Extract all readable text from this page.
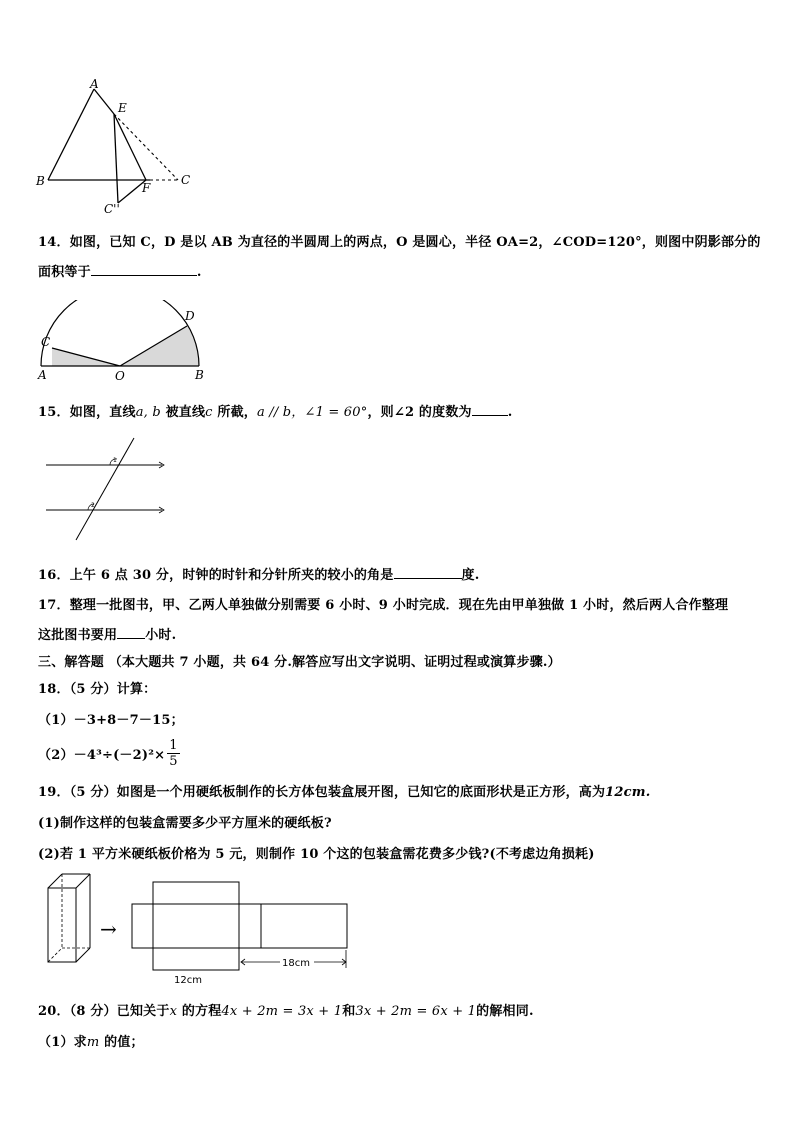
A
E
B	F
C
C''
14．如图，已知 C，D 是以 AB 为直径的半圆周上的两点，O 是圆心，半径 OA=2，∠COD=120°，则图中阴影部分的
面积等于	.
C
D
A	O	B
15．如图，直线a, b 被直线c 所截，a // b，∠1 = 60°，则∠2 的度数为	.
1
2
16．上午 6 点 30 分，时钟的时针和分针所夹的较小的角是	度.
17．整理一批图书，甲、乙两人单独做分别需要 6 小时、9 小时完成．现在先由甲单独做 1 小时，然后两人合作整理
这批图书要用 小时.
三、解答题 （本大题共 7 小题，共 64 分.解答应写出文字说明、证明过程或演算步骤.）
18．（5 分）计算：
（1）－3+8－7－15；
$(2)-4^3\div(-2)^2\times \frac{1}{5}$
19．（5 分）如图是一个用硬纸板制作的长方体包装盒展开图，已知它的底面形状是正方形，高为12cm.
(1)制作这样的包装盒需要多少平方厘米的硬纸板?
(2)若 1 平方米硬纸板价格为 5 元，则制作 10 个这的包装盒需花费多少钱?(不考虑边角损耗)
→
18cm
12cm
20．（8 分）已知关于x 的方程4x + 2m = 3x + 1和3x + 2m = 6x + 1的解相同.
（1）求m 的值；
